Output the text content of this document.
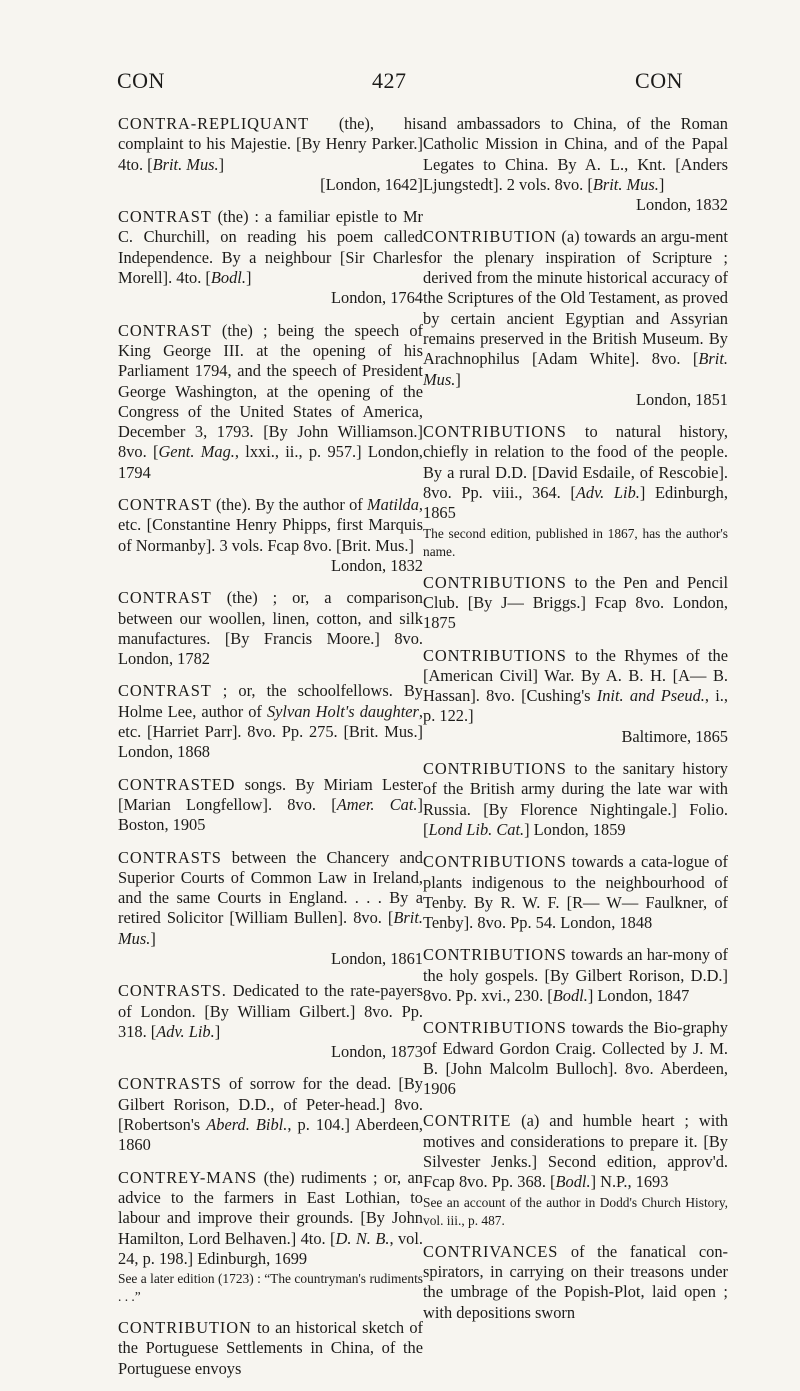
CON	427	CON
CONTRA-REPLIQUANT (the), his complaint to his Majestie. [By Henry Parker.] 4to. [Brit. Mus.]
[London, 1642]
CONTRAST (the) : a familiar epistle to Mr C. Churchill, on reading his poem called Independence. By a neighbour [Sir Charles Morell]. 4to. [Bodl.]
London, 1764
CONTRAST (the) ; being the speech of King George III. at the opening of his Parliament 1794, and the speech of President George Washington, at the opening of the Congress of the United States of America, December 3, 1793. [By John Williamson.] 8vo. [Gent. Mag., lxxi., ii., p. 957.] London, 1794
CONTRAST (the). By the author of Matilda, etc. [Constantine Henry Phipps, first Marquis of Normanby]. 3 vols. Fcap 8vo. [Brit. Mus.]
London, 1832
CONTRAST (the) ; or, a comparison between our woollen, linen, cotton, and silk manufactures. [By Francis Moore.] 8vo. London, 1782
CONTRAST ; or, the schoolfellows. By Holme Lee, author of Sylvan Holt's daughter, etc. [Harriet Parr]. 8vo. Pp. 275. [Brit. Mus.] London, 1868
CONTRASTED songs. By Miriam Lester [Marian Longfellow]. 8vo. [Amer. Cat.] Boston, 1905
CONTRASTS between the Chancery and Superior Courts of Common Law in Ireland, and the same Courts in England. . . . By a retired Solicitor [William Bullen]. 8vo. [Brit. Mus.]
London, 1861
CONTRASTS. Dedicated to the rate-payers of London. [By William Gilbert.] 8vo. Pp. 318. [Adv. Lib.]
London, 1873
CONTRASTS of sorrow for the dead. [By Gilbert Rorison, D.D., of Peter-head.] 8vo. [Robertson's Aberd. Bibl., p. 104.] Aberdeen, 1860
CONTREY-MANS (the) rudiments ; or, an advice to the farmers in East Lothian, to labour and improve their grounds. [By John Hamilton, Lord Belhaven.] 4to. [D. N. B., vol. 24, p. 198.] Edinburgh, 1699
See a later edition (1723) : “The countryman's rudiments . . .”
CONTRIBUTION to an historical sketch of the Portuguese Settlements in China, of the Portuguese envoys
and ambassadors to China, of the Roman Catholic Mission in China, and of the Papal Legates to China. By A. L., Knt. [Anders Ljungstedt]. 2 vols. 8vo. [Brit. Mus.]
London, 1832
CONTRIBUTION (a) towards an argu-ment for the plenary inspiration of Scripture ; derived from the minute historical accuracy of the Scriptures of the Old Testament, as proved by certain ancient Egyptian and Assyrian remains preserved in the British Museum. By Arachnophilus [Adam White]. 8vo. [Brit. Mus.]
London, 1851
CONTRIBUTIONS to natural history, chiefly in relation to the food of the people. By a rural D.D. [David Esdaile, of Rescobie]. 8vo. Pp. viii., 364. [Adv. Lib.] Edinburgh, 1865
The second edition, published in 1867, has the author's name.
CONTRIBUTIONS to the Pen and Pencil Club. [By J— Briggs.] Fcap 8vo. London, 1875
CONTRIBUTIONS to the Rhymes of the [American Civil] War. By A. B. H. [A— B. Hassan]. 8vo. [Cushing's Init. and Pseud., i., p. 122.]
Baltimore, 1865
CONTRIBUTIONS to the sanitary history of the British army during the late war with Russia. [By Florence Nightingale.] Folio. [Lond Lib. Cat.] London, 1859
CONTRIBUTIONS towards a cata-logue of plants indigenous to the neighbourhood of Tenby. By R. W. F. [R— W— Faulkner, of Tenby]. 8vo. Pp. 54. London, 1848
CONTRIBUTIONS towards an har-mony of the holy gospels. [By Gilbert Rorison, D.D.] 8vo. Pp. xvi., 230. [Bodl.] London, 1847
CONTRIBUTIONS towards the Bio-graphy of Edward Gordon Craig. Collected by J. M. B. [John Malcolm Bulloch]. 8vo. Aberdeen, 1906
CONTRITE (a) and humble heart ; with motives and considerations to prepare it. [By Silvester Jenks.] Second edition, approv'd. Fcap 8vo. Pp. 368. [Bodl.] N.P., 1693
See an account of the author in Dodd's Church History, vol. iii., p. 487.
CONTRIVANCES of the fanatical con-spirators, in carrying on their treasons under the umbrage of the Popish-Plot, laid open ; with depositions sworn
